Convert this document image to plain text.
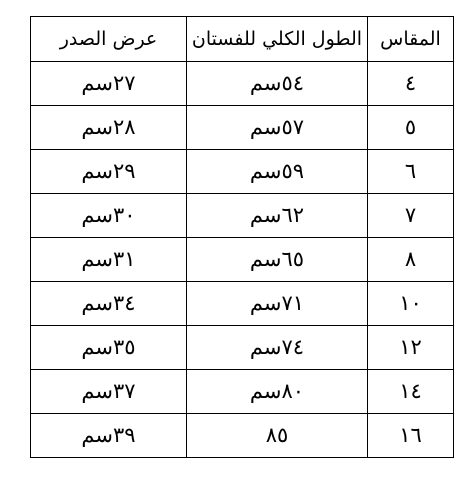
المقاس	الطول الكلي للفستان	عرض الصدر
٤	٥٤سم	٢٧سم
٥	٥٧سم	٢٨سم
٦	٥٩سم	٢٩سم
٧	٦٢سم	٣٠سم
٨	٦٥سم	٣١سم
١٠	٧١سم	٣٤سم
١٢	٧٤سم	٣٥سم
١٤	٨٠سم	٣٧سم
١٦	٨٥	٣٩سم
